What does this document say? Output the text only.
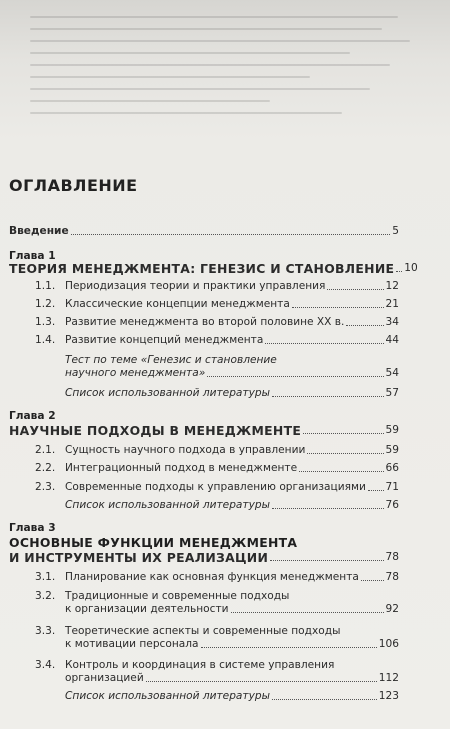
ОГЛАВЛЕНИЕ
Введение	5
Глава 1
ТЕОРИЯ МЕНЕДЖМЕНТА: ГЕНЕЗИС И СТАНОВЛЕНИЕ 10
1.1. Периодизация теории и практики управления	12
1.2. Классические концепции менеджмента	21
1.3. Развитие менеджмента во второй половине XX в.	34
1.4. Развитие концепций менеджмента	44
Тест по теме «Генезис и становление
научного менеджмента»	54
Список использованной литературы	57
Глава 2
НАУЧНЫЕ ПОДХОДЫ В МЕНЕДЖМЕНТЕ	59
2.1. Сущность научного подхода в управлении	59
2.2. Интеграционный подход в менеджменте	66
2.3. Современные подходы к управлению организациями 71
Список использованной литературы	76
Глава 3
ОСНОВНЫЕ ФУНКЦИИ МЕНЕДЖМЕНТА
И ИНСТРУМЕНТЫ ИХ РЕАЛИЗАЦИИ	78
3.1. Планирование как основная функция менеджмента	78
3.2. Традиционные и современные подходы
к организации деятельности	92
3.3. Теоретические аспекты и современные подходы
к мотивации персонала	106
3.4. Контроль и координация в системе управления
организацией	112
Список использованной литературы	123
